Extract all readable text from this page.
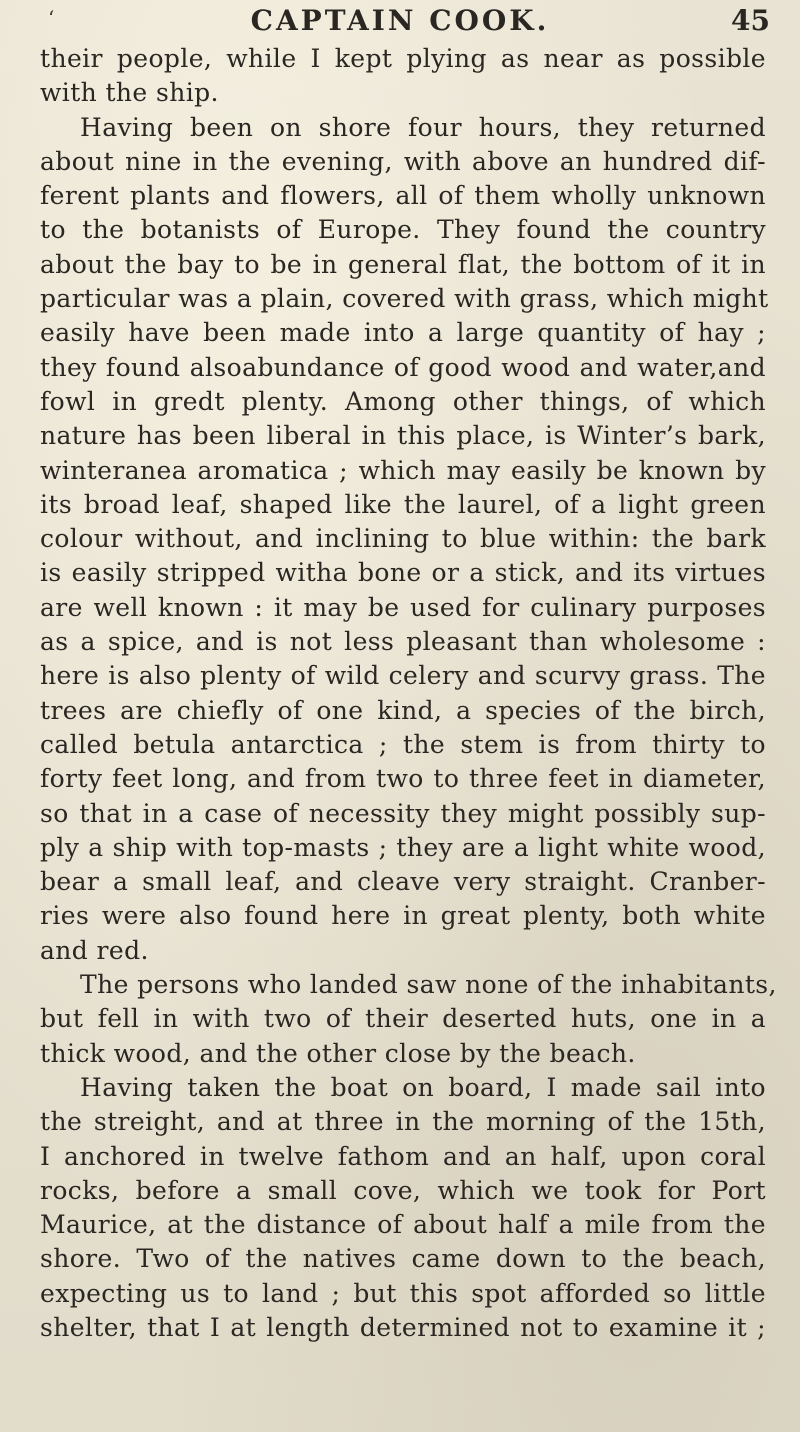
‘	CAPTAIN COOK.	45
their people, while I kept plying as near as possible
with the ship.
Having been on shore four hours, they returned
about nine in the evening, with above an hundred dif-
ferent plants and flowers, all of them wholly unknown
to the botanists of Europe. They found the country
about the bay to be in general flat, the bottom of it in
particular was a plain, covered with grass, which might
easily have been made into a large quantity of hay ;
they found alsoabundance of good wood and water,and
fowl in gredt plenty. Among other things, of which
nature has been liberal in this place, is Winter’s bark,
winteranea aromatica ; which may easily be known by
its broad leaf, shaped like the laurel, of a light green
colour without, and inclining to blue within: the bark
is easily stripped witha bone or a stick, and its virtues
are well known : it may be used for culinary purposes
as a spice, and is not less pleasant than wholesome :
here is also plenty of wild celery and scurvy grass. The
trees are chiefly of one kind, a species of the birch,
called betula antarctica ; the stem is from thirty to
forty feet long, and from two to three feet in diameter,
so that in a case of necessity they might possibly sup-
ply a ship with top-masts ; they are a light white wood,
bear a small leaf, and cleave very straight. Cranber-
ries were also found here in great plenty, both white
and red.
The persons who landed saw none of the inhabitants,
but fell in with two of their deserted huts, one in a
thick wood, and the other close by the beach.
Having taken the boat on board, I made sail into
the streight, and at three in the morning of the 15th,
I anchored in twelve fathom and an half, upon coral
rocks, before a small cove, which we took for Port
Maurice, at the distance of about half a mile from the
shore. Two of the natives came down to the beach,
expecting us to land ; but this spot afforded so little
shelter, that I at length determined not to examine it ;
